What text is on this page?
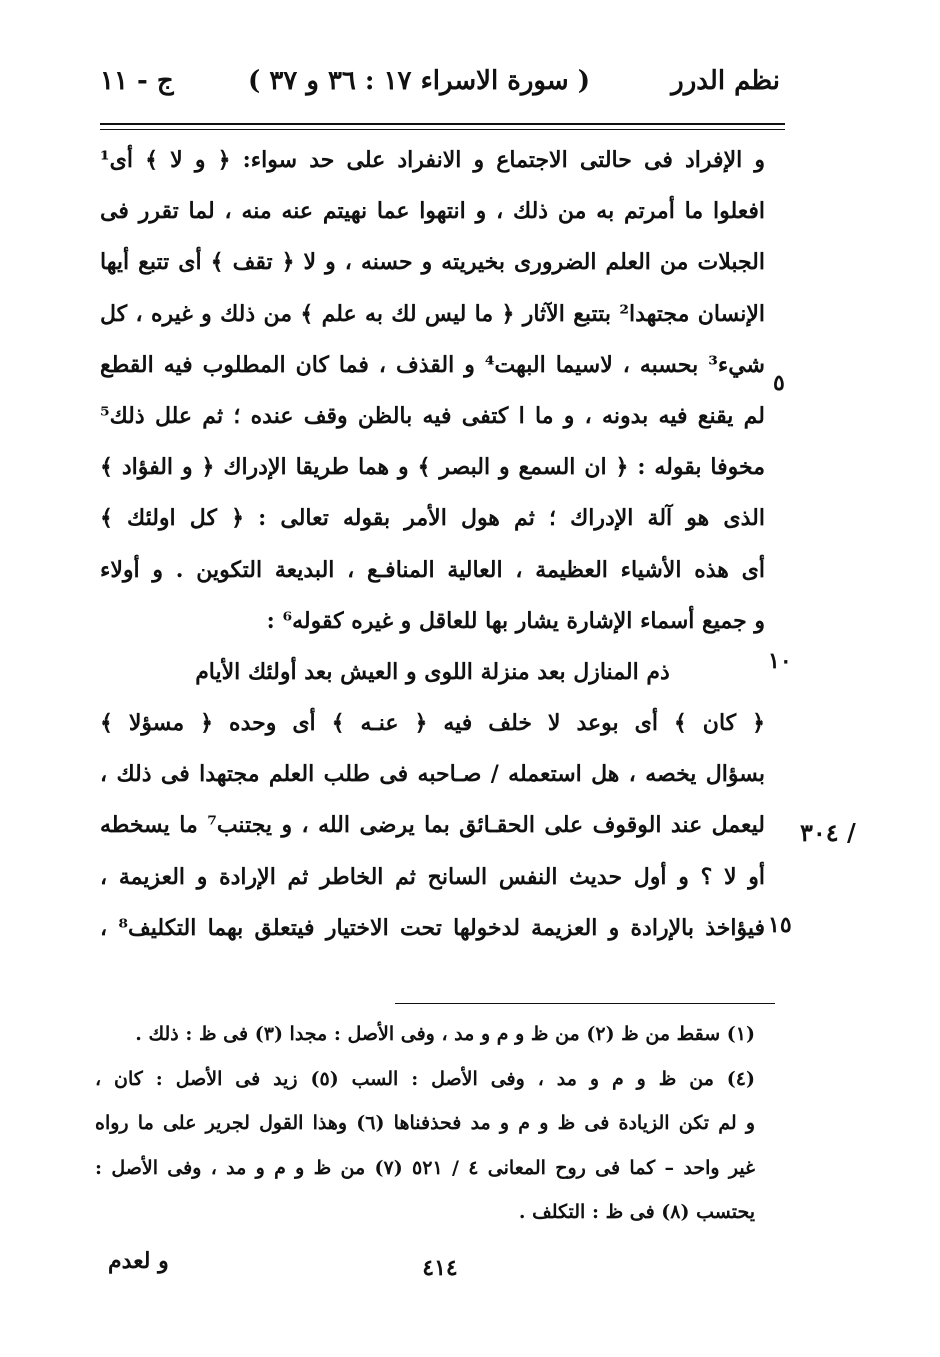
نظم الدرر
( سورة الاسراء ١٧ : ٣٦ و ٣٧ )
ج - ١١
و الإفراد فى حالتى الاجتماع و الانفراد على حد سواء: ﴿ و لا ﴾ أى¹
افعلوا ما أمرتم به من ذلك ، و انتهوا عما نهيتم عنه منه ، لما تقرر فى
الجبلات من العلم الضرورى بخيريته و حسنه ، و لا ﴿ تقف ﴾ أى تتبع أيها
الإنسان مجتهدا² بتتبع الآثار ﴿ ما ليس لك به علم ﴾ من ذلك و غيره ، كل
شيء³ بحسبه ، لاسيما البهت⁴ و القذف ، فما كان المطلوب فيه القطع
لم يقنع فيه بدونه ، و ما ا كتفى فيه بالظن وقف عنده ؛ ثم علل ذلك⁵
مخوفا بقوله : ﴿ ان السمع و البصر ﴾ و هما طريقا الإدراك ﴿ و الفؤاد ﴾
الذى هو آلة الإدراك ؛ ثم هول الأمر بقوله تعالى : ﴿ كل اولئك ﴾
أى هذه الأشياء العظيمة ، العالية المنافـع ، البديعة التكوين . و أولاء
و جميع أسماء الإشارة يشار بها للعاقل و غيره كقوله⁶ :
ذم المنازل بعد منزلة اللوى و العيش بعد أولئك الأيام
﴿ كان ﴾ أى بوعد لا خلف فيه ﴿ عنـه ﴾ أى وحده ﴿ مسؤلا ﴾
بسؤال يخصه ، هل استعمله / صـاحبه فى طلب العلم مجتهدا فى ذلك ،
ليعمل عند الوقوف على الحقـائق بما يرضى الله ، و يجتنب⁷ ما يسخطه
أو لا ؟ و أول حديث النفس السانح ثم الخاطر ثم الإرادة و العزيمة ،
فيؤاخذ بالإرادة و العزيمة لدخولها تحت الاختيار فيتعلق بهما التكليف⁸ ،
٥
١٠
١٥
٣٠٤ /
(١) سقط من ظ (٢) من ظ و م و مد ، وفى الأصل : مجدا (٣) فى ظ : ذلك .
(٤) من ظ و م و مد ، وفى الأصل : السب (٥) زيد فى الأصل : كان ،
و لم تكن الزيادة فى ظ و م و مد فحذفناها (٦) وهذا القول لجرير على ما رواه
غير واحد – كما فى روح المعانى ٤ / ٥٢١ (٧) من ظ و م و مد ، وفى الأصل :
يحتسب (٨) فى ظ : التكلف .
٤١٤
و لعدم
